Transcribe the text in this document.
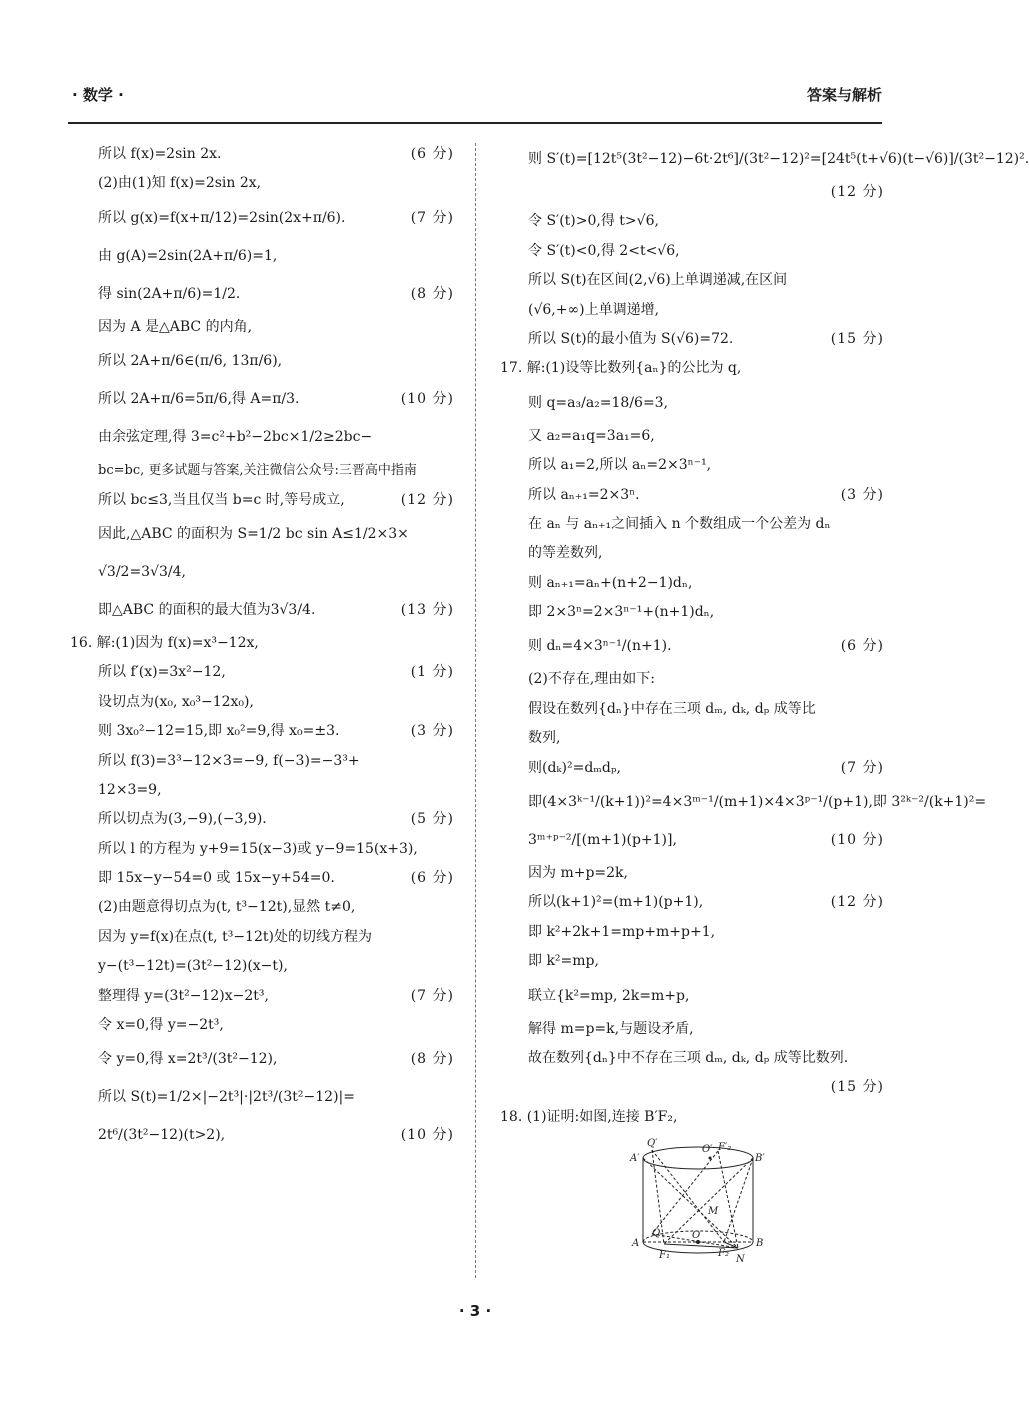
· 数学 ·	答案与解析
所以 f(x)=2sin 2x.	(6 分)
(2)由(1)知 f(x)=2sin 2x,
所以 g(x)=f(x+π/12)=2sin(2x+π/6).	(7 分)
由 g(A)=2sin(2A+π/6)=1,
得 sin(2A+π/6)=1/2.	(8 分)
因为 A 是△ABC 的内角,
所以 2A+π/6∈(π/6, 13π/6),
所以 2A+π/6=5π/6,得 A=π/3.	(10 分)
由余弦定理,得 3=c²+b²−2bc×1/2≥2bc−
bc=bc, 更多试题与答案,关注微信公众号:三晋高中指南
所以 bc≤3,当且仅当 b=c 时,等号成立,	(12 分)
因此,△ABC 的面积为 S=1/2 bc sin A≤1/2×3×
√3/2=3√3/4,
即△ABC 的面积的最大值为3√3/4.	(13 分)
16. 解:(1)因为 f(x)=x³−12x,
所以 f′(x)=3x²−12,	(1 分)
设切点为(x₀, x₀³−12x₀),
则 3x₀²−12=15,即 x₀²=9,得 x₀=±3.	(3 分)
所以 f(3)=3³−12×3=−9, f(−3)=−3³+
12×3=9,
所以切点为(3,−9),(−3,9).	(5 分)
所以 l 的方程为 y+9=15(x−3)或 y−9=15(x+3),
即 15x−y−54=0 或 15x−y+54=0.	(6 分)
(2)由题意得切点为(t, t³−12t),显然 t≠0,
因为 y=f(x)在点(t, t³−12t)处的切线方程为
y−(t³−12t)=(3t²−12)(x−t),
整理得 y=(3t²−12)x−2t³,	(7 分)
令 x=0,得 y=−2t³,
令 y=0,得 x=2t³/(3t²−12),	(8 分)
所以 S(t)=1/2×|−2t³|·|2t³/(3t²−12)|=
2t⁶/(3t²−12)(t>2),	(10 分)
则 S′(t)=[12t⁵(3t²−12)−6t·2t⁶]/(3t²−12)²=[24t⁵(t+√6)(t−√6)]/(3t²−12)².
(12 分)
令 S′(t)>0,得 t>√6,
令 S′(t)<0,得 2<t<√6,
所以 S(t)在区间(2,√6)上单调递减,在区间
(√6,+∞)上单调递增,
所以 S(t)的最小值为 S(√6)=72.	(15 分)
17. 解:(1)设等比数列{aₙ}的公比为 q,
则 q=a₃/a₂=18/6=3,
又 a₂=a₁q=3a₁=6,
所以 a₁=2,所以 aₙ=2×3ⁿ⁻¹,
所以 aₙ₊₁=2×3ⁿ.	(3 分)
在 aₙ 与 aₙ₊₁之间插入 n 个数组成一个公差为 dₙ
的等差数列,
则 aₙ₊₁=aₙ+(n+2−1)dₙ,
即 2×3ⁿ=2×3ⁿ⁻¹+(n+1)dₙ,
则 dₙ=4×3ⁿ⁻¹/(n+1).	(6 分)
(2)不存在,理由如下:
假设在数列{dₙ}中存在三项 dₘ, dₖ, dₚ 成等比
数列,
则(dₖ)²=dₘdₚ,	(7 分)
即(4×3ᵏ⁻¹/(k+1))²=4×3ᵐ⁻¹/(m+1)×4×3ᵖ⁻¹/(p+1),即 3²ᵏ⁻²/(k+1)²=
3ᵐ⁺ᵖ⁻²/[(m+1)(p+1)],	(10 分)
因为 m+p=2k,
所以(k+1)²=(m+1)(p+1),	(12 分)
即 k²+2k+1=mp+m+p+1,
即 k²=mp,
联立{k²=mp, 2k=m+p,
解得 m=p=k,与题设矛盾,
故在数列{dₙ}中不存在三项 dₘ, dₖ, dₚ 成等比数列.
(15 分)
18. (1)证明:如图,连接 B′F₂,
Q′
O′ F′₂
A′	B′
M
A
Q	O
B
F₁	F₂
N
· 3 ·
